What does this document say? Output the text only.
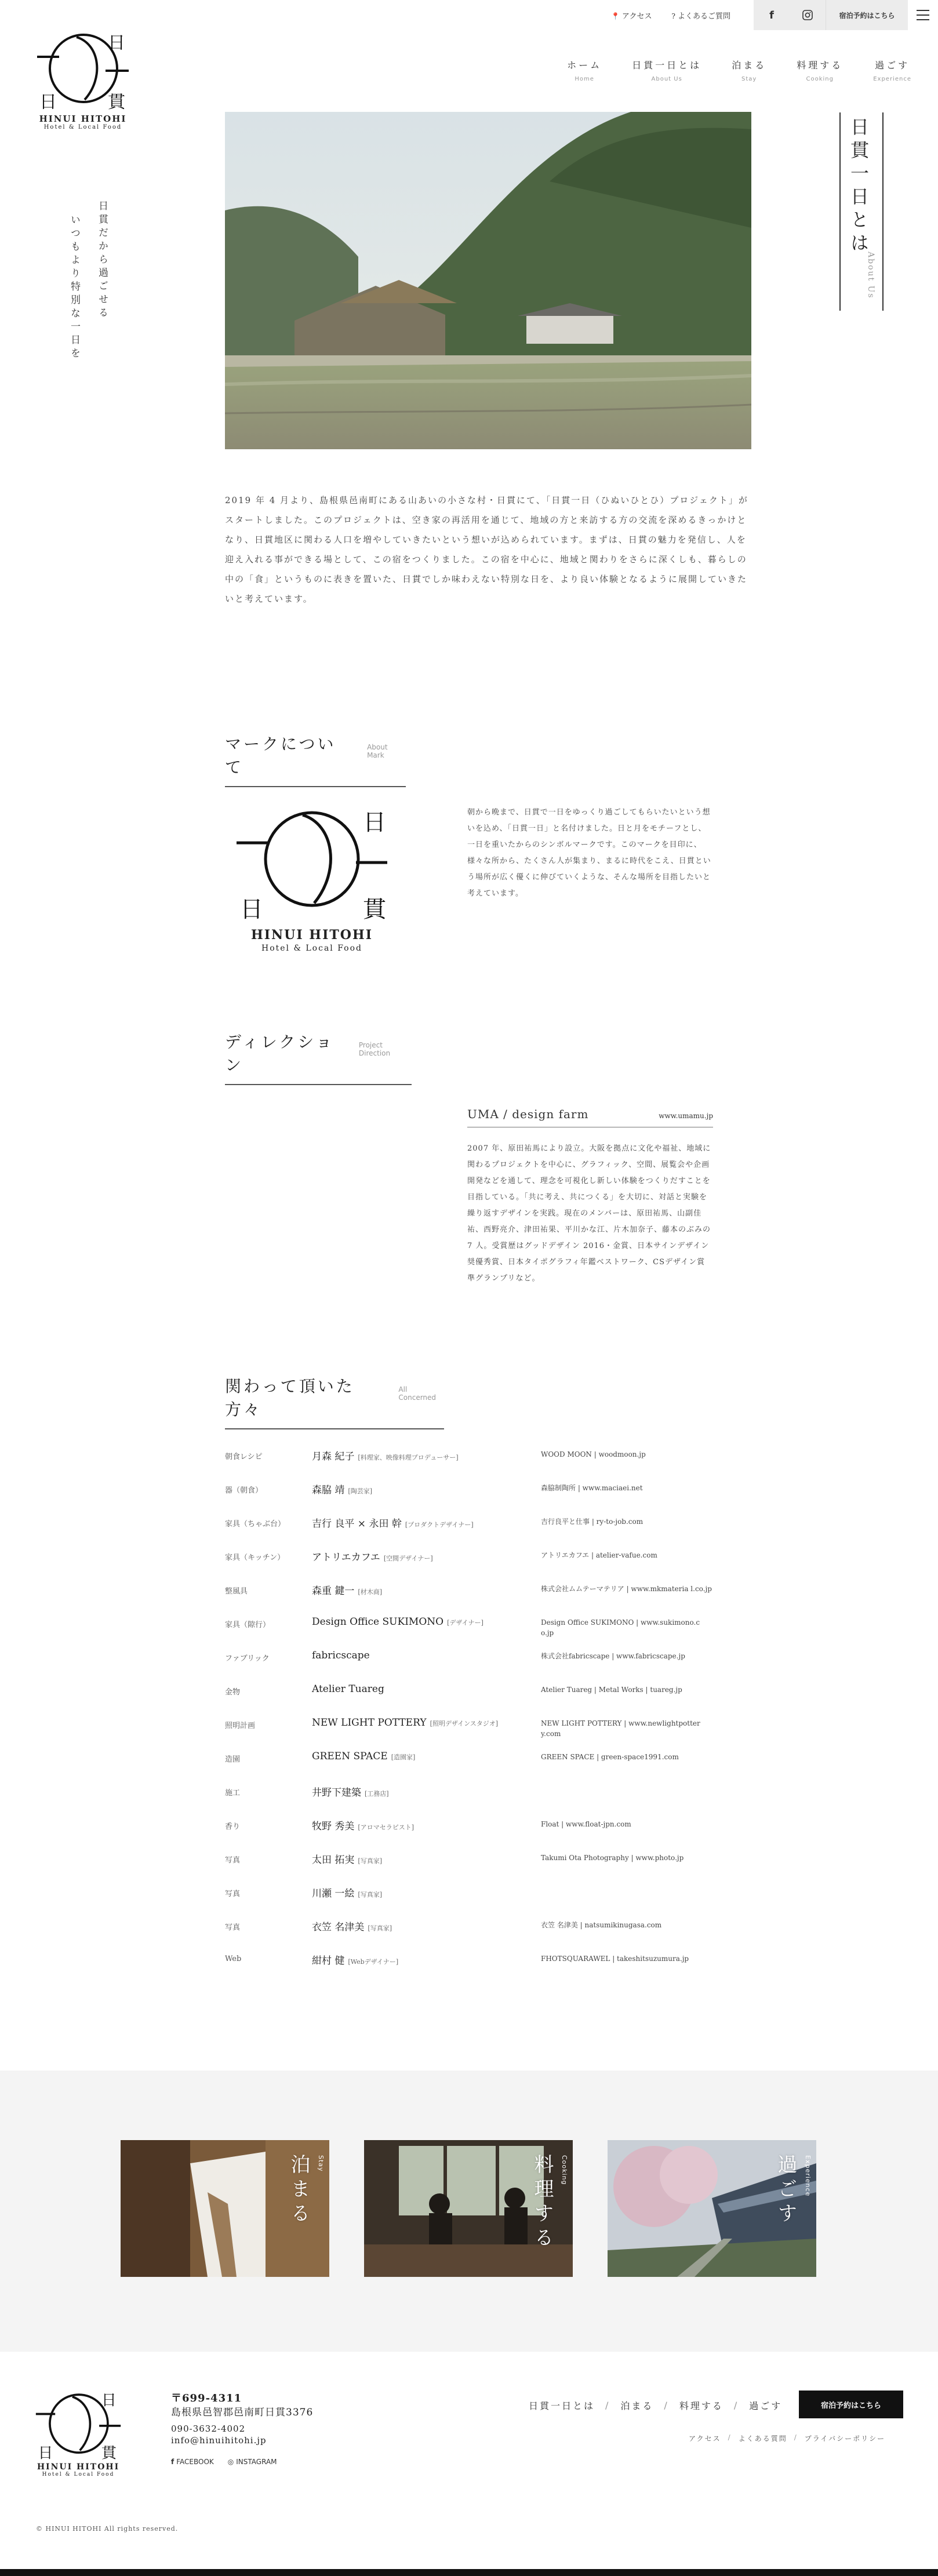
📍 アクセス	? よくあるご質問	f	宿泊予約はこちら
日
日	貫
HINUI HITOHI
Hotel & Local Food
ホーム
Home
日貫一日とは
About Us
泊まる
Stay
料理する
Cooking
過ごす
Experience
日貫だから過ごせる
いつもより特別な一日を
日貫一日とは
About Us

2019 年 4 月より、島根県邑南町にある山あいの小さな村・日貫にて、「日貫一日（ひぬいひとひ）プロジェクト」がスタートしました。このプロジェクトは、空き家の再活用を通じて、地域の方と来訪する方の交流を深めるきっかけとなり、日貫地区に関わる人口を増やしていきたいという想いが込められています。まずは、日貫の魅力を発信し、人を迎え入れる事ができる場として、この宿をつくりました。この宿を中心に、地域と関わりをさらに深くしも、暮らしの中の「食」というものに表きを置いた、日貫でしか味わえない特別な日を、より良い体験となるように展開していきたいと考えています。

マークについて
About Mark
日
日	貫
HINUI HITOHI
Hotel & Local Food

朝から晩まで、日貫で一日をゆっくり過ごしてもらいたいという想いを込め、「日貫一日」と名付けました。日と月をモチーフとし、一日を重いたからのシンボルマークです。このマークを目印に、様々な所から、たくさん人が集まり、まるに時代をこえ、日貫という場所が広く優くに伸びていくような、そんな場所を目指したいと考えています。

ディレクション
Project Direction
UMA / design farm	www.umamu.jp

2007 年、原田祐馬により設立。大阪を拠点に文化や福祉、地域に関わるプロジェクトを中心に、グラフィック、空間、展覧会や企画開発などを通して、理念を可視化し新しい体験をつくりだすことを目指している。「共に考え、共につくる」を大切に、対話と実験を繰り返すデザインを実践。現在のメンバーは、原田祐馬、山副佳祐、西野亮介、津田祐果、平川かな江、片木加奈子、藤本のぶみの 7 人。受賞歴はグッドデザイン 2016・金賞、日本サインデザイン奨優秀賞、日本タイポグラフィ年鑑ベストワーク、CSデザイン賞準グランプリなど。

関わって頂いた方々
All Concerned
朝食レシピ	月森 紀子 [料理家、映像料理プロデューサー]	WOOD MOON | woodmoon.jp
器（朝食）	森脇 靖 [陶芸家]	森脇制陶所 | www.maciaei.net
家具（ちゃぶ台）	吉行 良平 × 永田 幹 [プロダクトデザイナー]	吉行良平と仕事 | ry-to-job.com
家具（キッチン）	アトリエカフエ [空間デザイナー]	アトリエカフエ | atelier-vafue.com
整風具	森重 鍵一 [材木商]	株式会社ムムテーマテリア | www.mkmateria l.co.jp
家具（隙行）	Design Office SUKIMONO [デザイナー]	Design Office SUKIMONO | www.sukimono.c o.jp
ファブリック	fabricscape	株式会社fabricscape | www.fabricscape.jp
金物	Atelier Tuareg	Atelier Tuareg | Metal Works | tuareg.jp
照明計画	NEW LIGHT POTTERY [照明デザインスタジオ]	NEW LIGHT POTTERY | www.newlightpotter y.com
造園	GREEN SPACE [造園家]	GREEN SPACE | green-space1991.com
施工	井野下建築 [工務店]
香り	牧野 秀美 [アロマセラピスト]	Float | www.float-jpn.com
写真	太田 拓実 [写真家]	Takumi Ota Photography | www.photo.jp
写真	川瀬 一絵 [写真家]
写真	衣笠 名津美 [写真家]	衣笠 名津美 | natsumikinugasa.com
Web	紺村 健 [Webデザイナー]	FHOTSQUARAWEL | takeshitsuzumura.jp
泊まる	Stay	料理する	Cooking	過ごす	Experience
日
日	貫
HINUI HITOHI
Hotel & Local Food
〒699-4311
島根県邑智郡邑南町日貫3376
090-3632-4002
info@hinuihitohi.jp
f FACEBOOK ◎ INSTAGRAM
日貫一日とは / 泊まる / 料理する / 過ごす	宿泊予約はこちら
アクセス / よくある質問 / プライバシーポリシー
© HINUI HITOHI All rights reserved.
